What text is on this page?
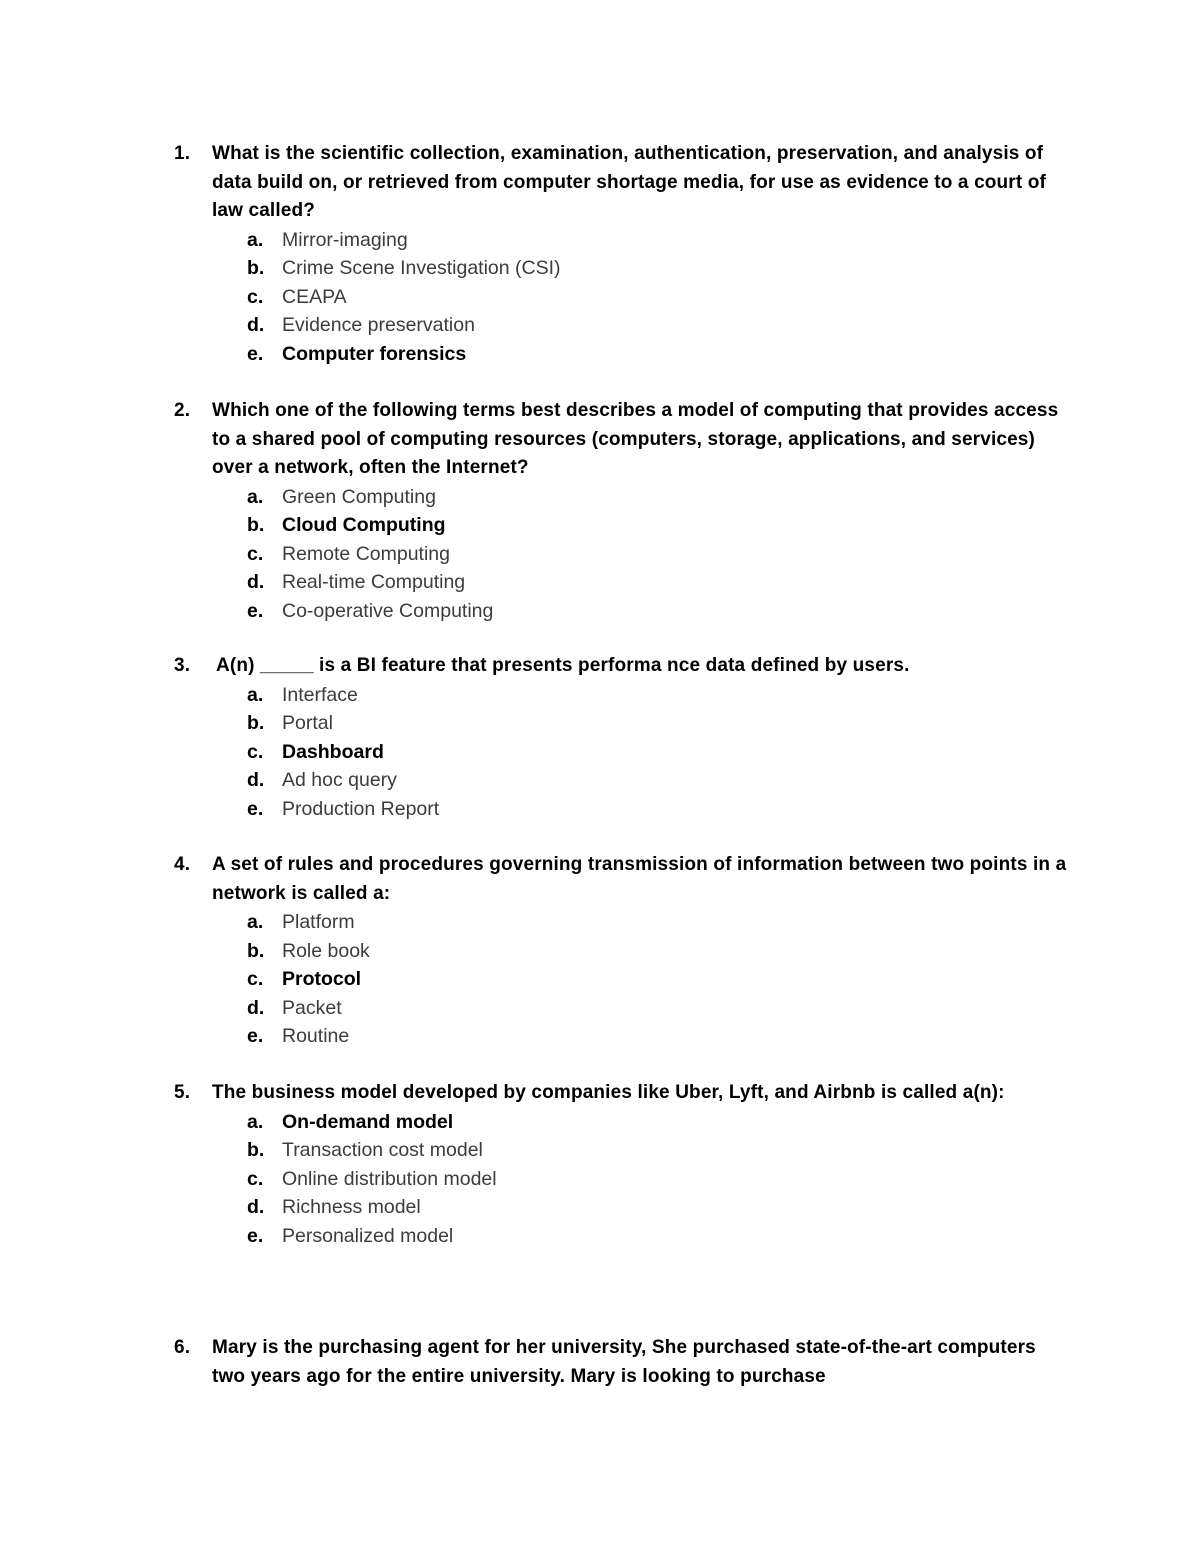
1.	What is the scientific collection, examination, authentication, preservation, and analysis of data build on, or retrieved from computer shortage media, for use as evidence to a court of law called?
a. Mirror-imaging
b. Crime Scene Investigation (CSI)
c. CEAPA
d. Evidence preservation
e. Computer forensics
2.	Which one of the following terms best describes a model of computing that provides access to a shared pool of computing resources (computers, storage, applications, and services) over a network, often the Internet?
a. Green Computing
b. Cloud Computing
c. Remote Computing
d. Real-time Computing
e. Co-operative Computing
3.	A(n) _____ is a BI feature that presents performa nce data defined by users.
a. Interface
b. Portal
c. Dashboard
d. Ad hoc query
e. Production Report
4.	A set of rules and procedures governing transmission of information between two points in a network is called a:
a. Platform
b. Role book
c. Protocol
d. Packet
e. Routine
5.	The business model developed by companies like Uber, Lyft, and Airbnb is called a(n):
a. On-demand model
b. Transaction cost model
c. Online distribution model
d. Richness model
e. Personalized model
6.	Mary is the purchasing agent for her university, She purchased state-of-the-art computers two years ago for the entire university. Mary is looking to purchase
